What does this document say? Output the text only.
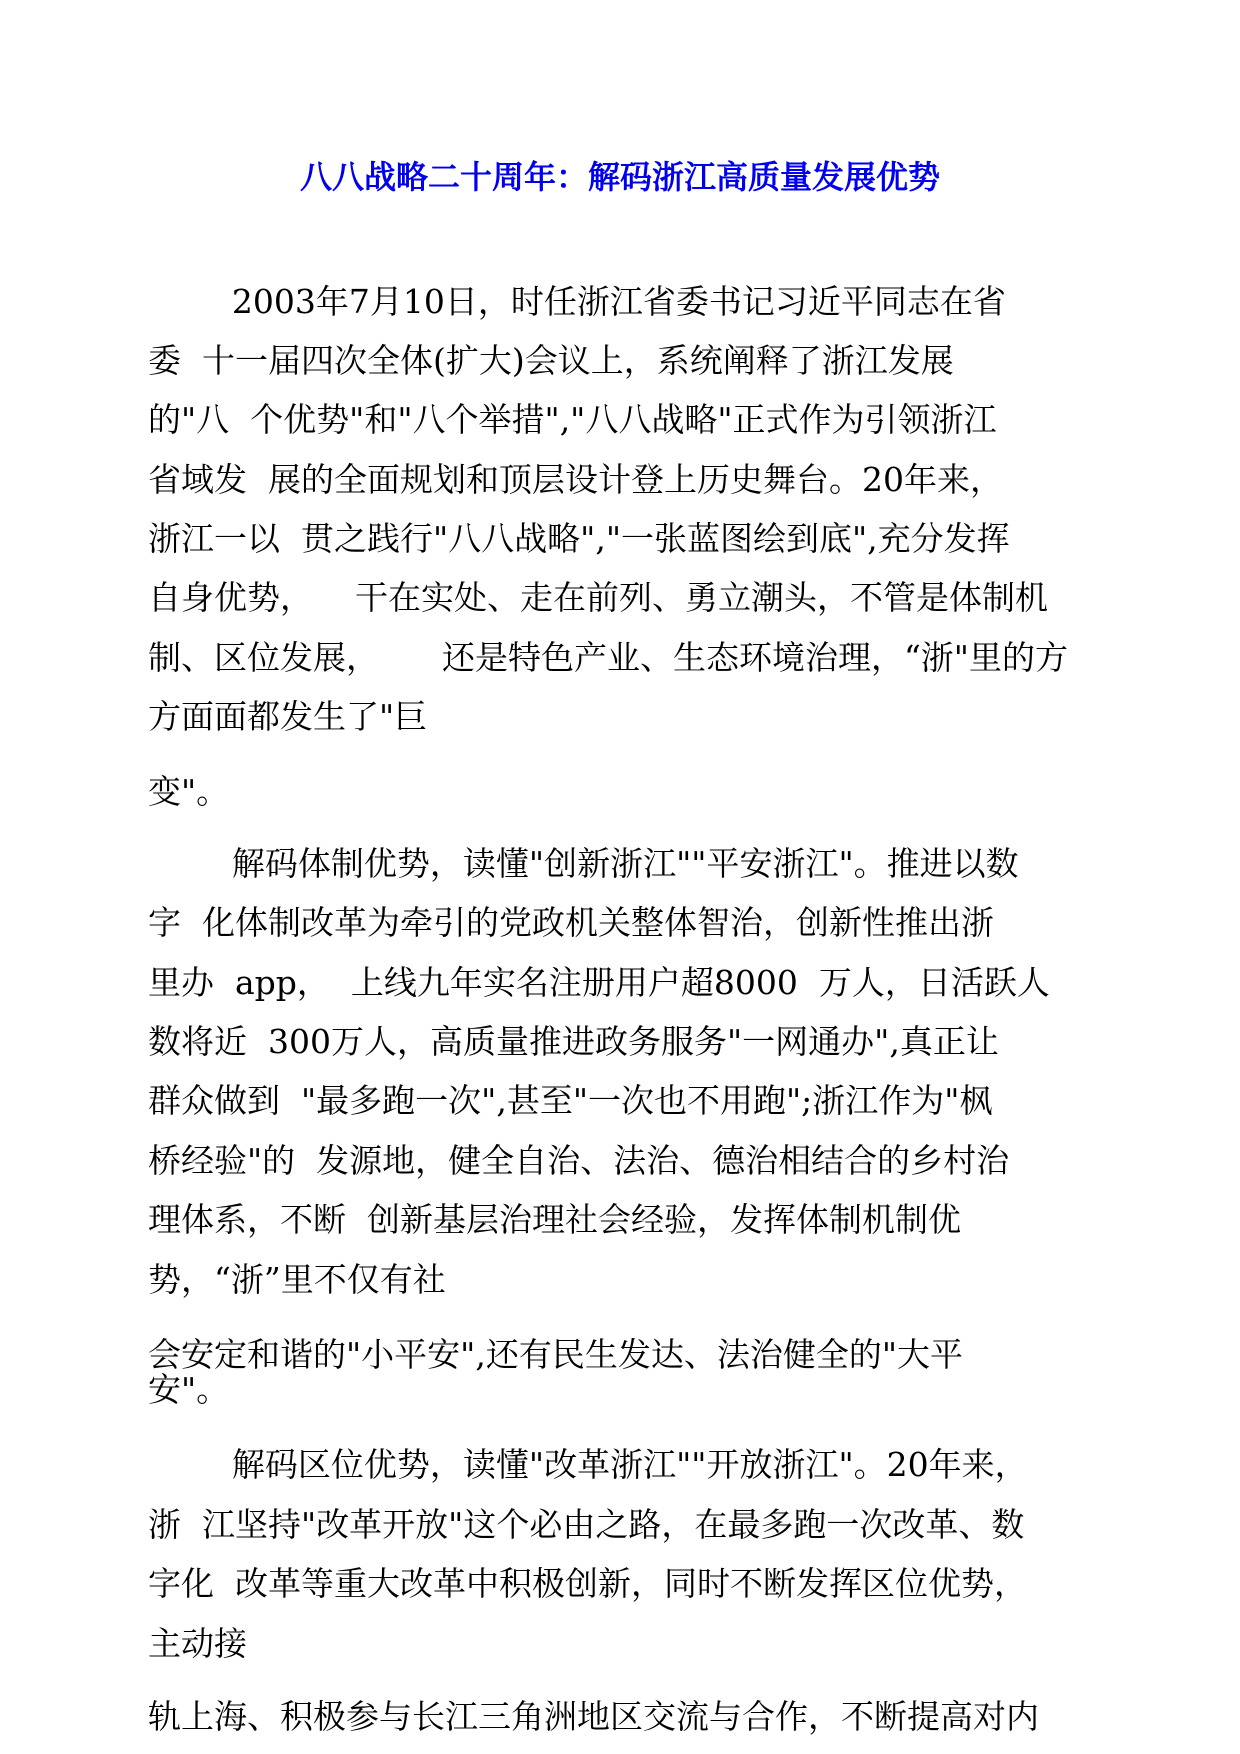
八八战略二十周年：解码浙江高质量发展优势
2003年7月10日，时任浙江省委书记习近平同志在省
委  十一届四次全体(扩大)会议上，系统阐释了浙江发展
的"八  个优势"和"八个举措","八八战略"正式作为引领浙江
省域发  展的全面规划和顶层设计登上历史舞台。20年来，
浙江一以  贯之践行"八八战略","一张蓝图绘到底",充分发挥
自身优势，    干在实处、走在前列、勇立潮头，不管是体制机
制、区位发展，      还是特色产业、生态环境治理，“浙"里的方
方面面都发生了"巨
变"。
解码体制优势，读懂"创新浙江""平安浙江"。推进以数
字  化体制改革为牵引的党政机关整体智治，创新性推出浙
里办  app，  上线九年实名注册用户超8000  万人，日活跃人
数将近  300万人，高质量推进政务服务"一网通办",真正让
群众做到  "最多跑一次",甚至"一次也不用跑";浙江作为"枫
桥经验"的  发源地，健全自治、法治、德治相结合的乡村治
理体系，不断  创新基层治理社会经验，发挥体制机制优
势，“浙”里不仅有社
会安定和谐的"小平安",还有民生发达、法治健全的"大平
安"。
解码区位优势，读懂"改革浙江""开放浙江"。20年来，
浙  江坚持"改革开放"这个必由之路，在最多跑一次改革、数
字化  改革等重大改革中积极创新，同时不断发挥区位优势，
主动接
轨上海、积极参与长江三角洲地区交流与合作，不断提高对内
